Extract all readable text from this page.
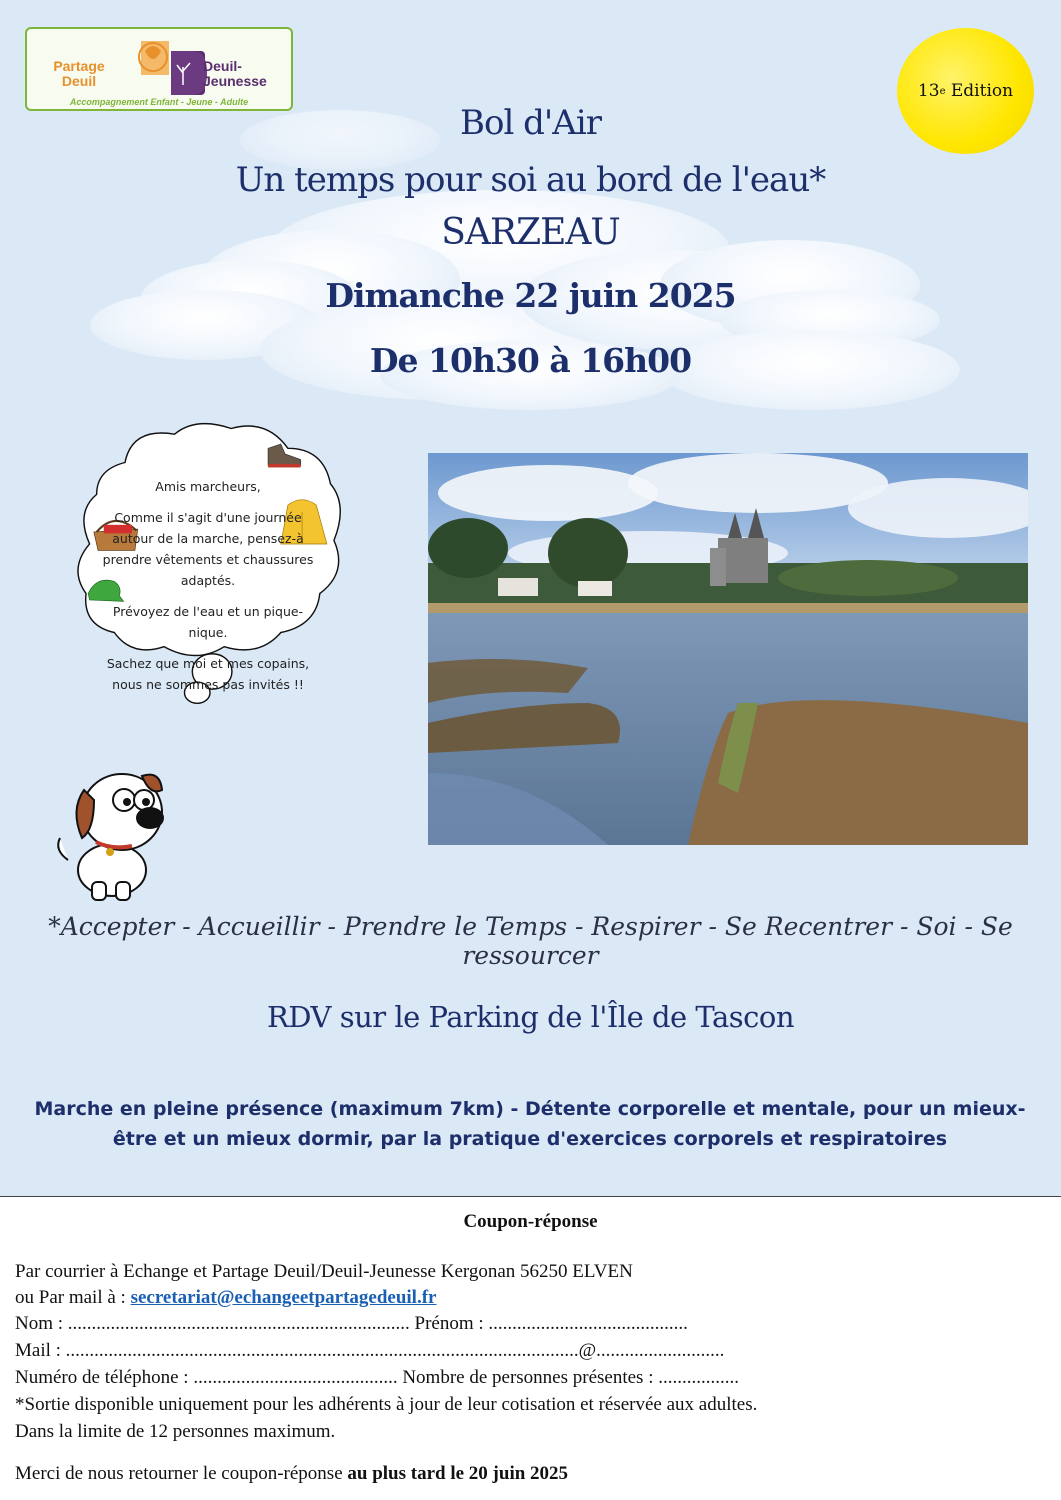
Partage
Deuil
Deuil-
Jeunesse
Accompagnement Enfant - Jeune - Adulte
13 e
Edition
Bol d'Air
Un temps pour soi au bord de l'eau*
SARZEAU
Dimanche 22 juin 2025
De 10h30 à 16h00

Amis marcheurs,

Comme il s'agit d'une journée autour de la marche, pensez-à prendre vêtements et chaussures adaptés.

Prévoyez de l'eau et un pique-nique.

Sachez que moi et mes copains, nous ne sommes pas invités !!

*Accepter - Accueillir - Prendre le Temps - Respirer - Se Recentrer - Soi - Se ressourcer
RDV sur le Parking de l'Île de Tascon
Marche en pleine présence (maximum 7km) - Détente corporelle et mentale, pour un mieux-être et un mieux dormir, par la pratique d'exercices corporels et respiratoires
Coupon-réponse
Par courrier à Echange et Partage Deuil/Deuil-Jeunesse Kergonan 56250 ELVEN
ou Par mail à : secretariat@echangeetpartagedeuil.fr
Nom : ........................................................................ Prénom : ..........................................
Mail : ............................................................................................................@...........................
Numéro de téléphone : ........................................... Nombre de personnes présentes : .................
*Sortie disponible uniquement pour les adhérents à jour de leur cotisation et réservée aux adultes.
Dans la limite de 12 personnes maximum.
Merci de nous retourner le coupon-réponse au plus tard le 20 juin 2025
